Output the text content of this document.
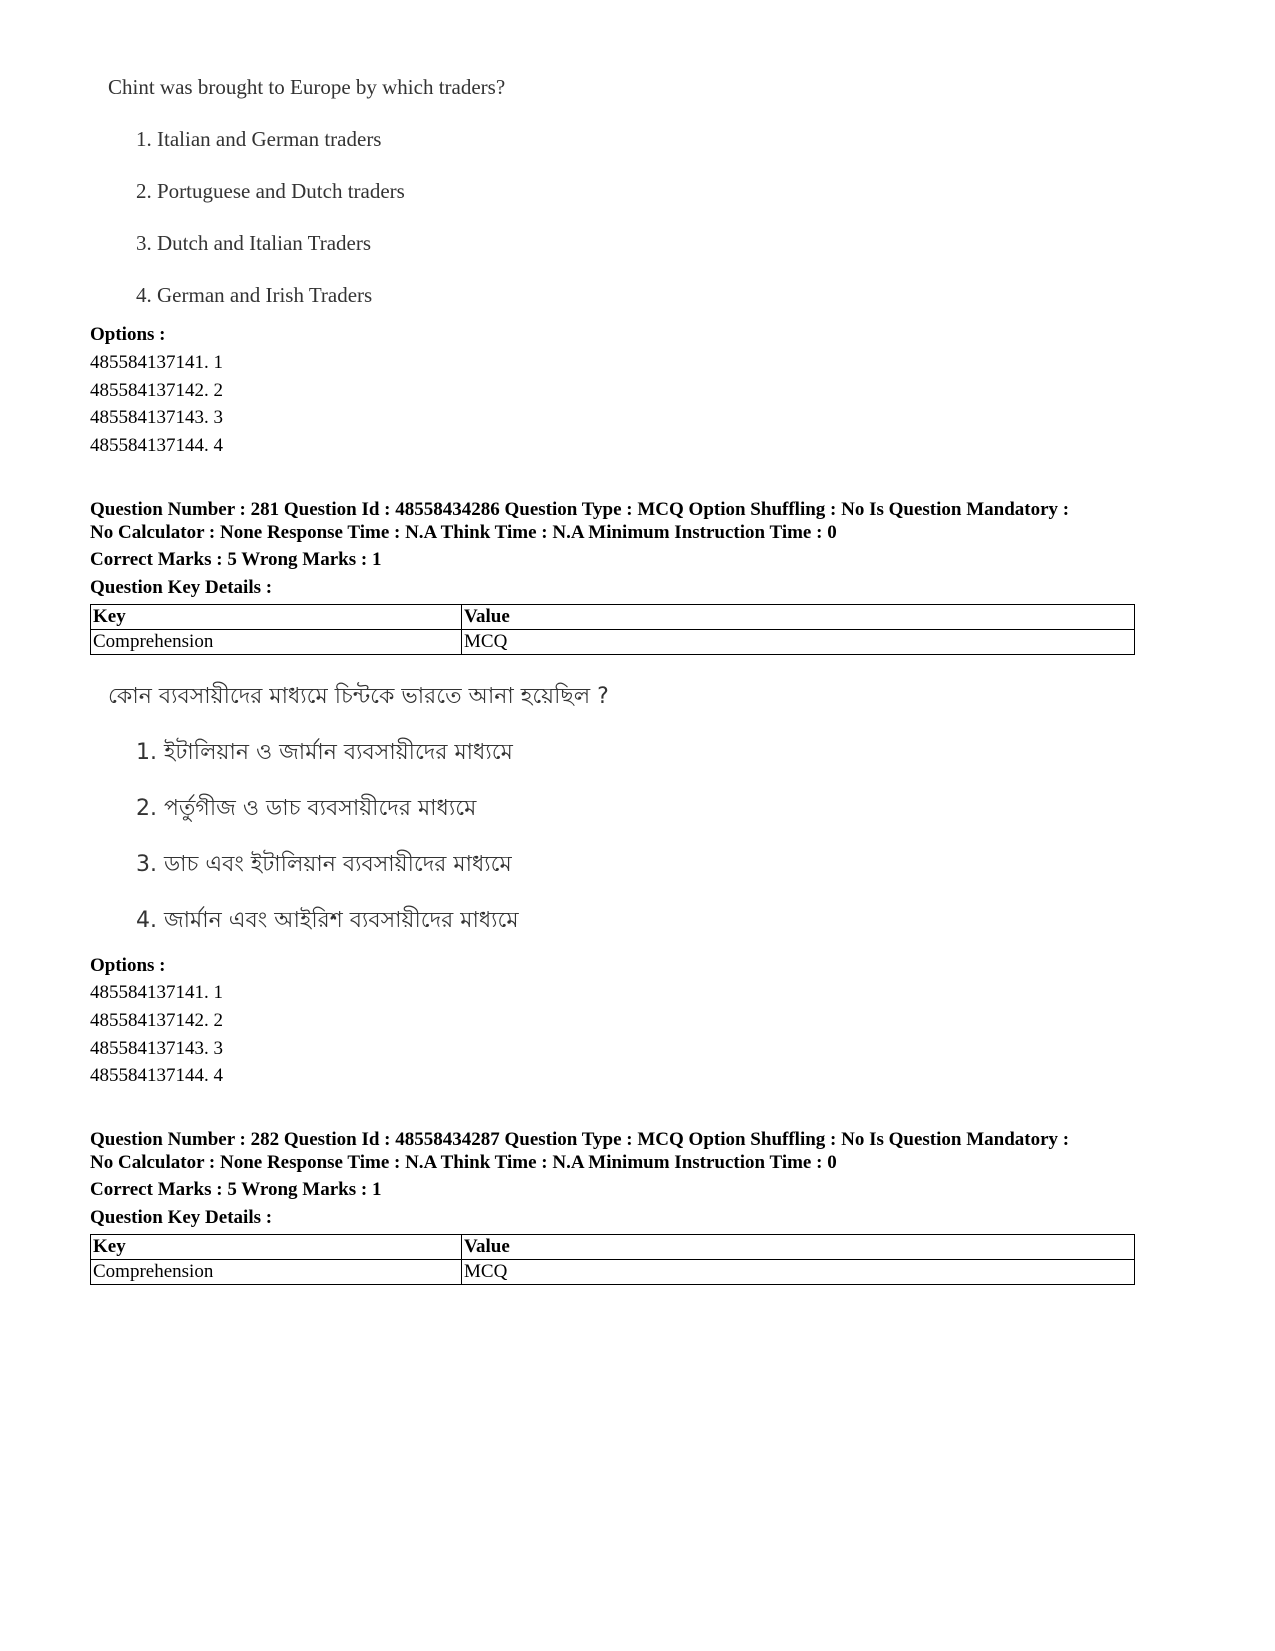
Chint was brought to Europe by which traders?

1. Italian and German traders
2. Portuguese and Dutch traders
3. Dutch and Italian Traders
4. German and Irish Traders
Options :
485584137141. 1
485584137142. 2
485584137143. 3
485584137144. 4
Question Number : 281 Question Id : 48558434286 Question Type : MCQ Option Shuffling : No Is Question Mandatory :
No Calculator : None Response Time : N.A Think Time : N.A Minimum Instruction Time : 0
Correct Marks : 5 Wrong Marks : 1
Question Key Details :
Key	Value
Comprehension	MCQ

কোন ব্যবসায়ীদের মাধ্যমে চিন্টকে ভারতে আনা হয়েছিল ?

1. ইটালিয়ান ও জার্মান ব্যবসায়ীদের মাধ্যমে
2. পর্তুগীজ ও ডাচ ব্যবসায়ীদের মাধ্যমে
3. ডাচ এবং ইটালিয়ান ব্যবসায়ীদের মাধ্যমে
4. জার্মান এবং আইরিশ ব্যবসায়ীদের মাধ্যমে
Options :
485584137141. 1
485584137142. 2
485584137143. 3
485584137144. 4
Question Number : 282 Question Id : 48558434287 Question Type : MCQ Option Shuffling : No Is Question Mandatory :
No Calculator : None Response Time : N.A Think Time : N.A Minimum Instruction Time : 0
Correct Marks : 5 Wrong Marks : 1
Question Key Details :
Key	Value
Comprehension	MCQ
